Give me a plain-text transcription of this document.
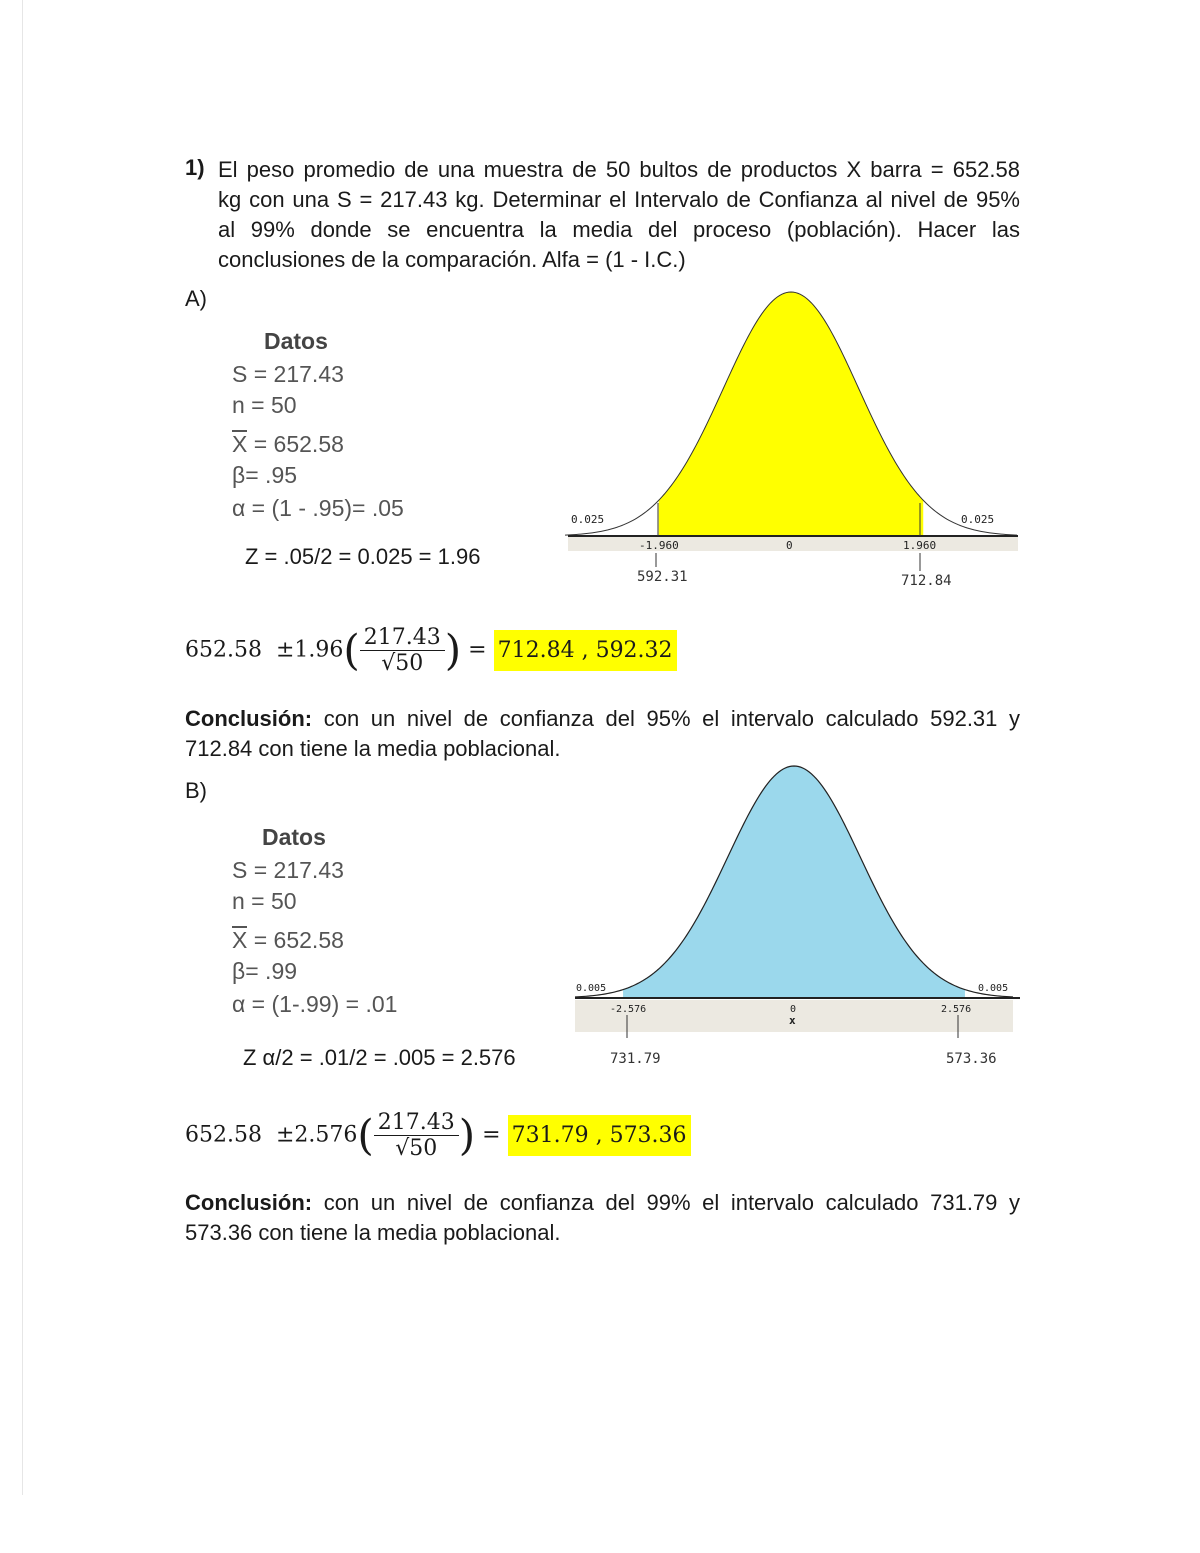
1) El peso promedio de una muestra de 50 bultos de productos X barra = 652.58
kg con una S = 217.43 kg. Determinar el Intervalo de Confianza al nivel de 95%
al 99% donde se encuentra la media del proceso (población). Hacer las
conclusiones de la comparación. Alfa = (1 - I.C.)
A)
Datos
S = 217.43
n = 50
X = 652.58
β= .95
α = (1 - .95)= .05
Z = .05/2 = 0.025 = 1.96
0.025	0.025
-1.960	0	1.960
592.31	712.84
$652.58 \pm 1.96( \frac{217.43}{√50}$ ) = 712.84 , 592.32
Conclusión: con un nivel de confianza del 95% el intervalo calculado 592.31 y
712.84 con tiene la media poblacional.
B)
Datos
S = 217.43
n = 50
X = 652.58
β= .99
α = (1-.99) = .01
Z α/2 = .01/2 = .005 = 2.576
0.005	0.005
-2.576	0
x
2.576
731.79	573.36
$652.58 \pm 2.576( \frac{217.43}{√50}$ ) = 731.79 , 573.36
Conclusión: con un nivel de confianza del 99% el intervalo calculado 731.79 y
573.36 con tiene la media poblacional.
